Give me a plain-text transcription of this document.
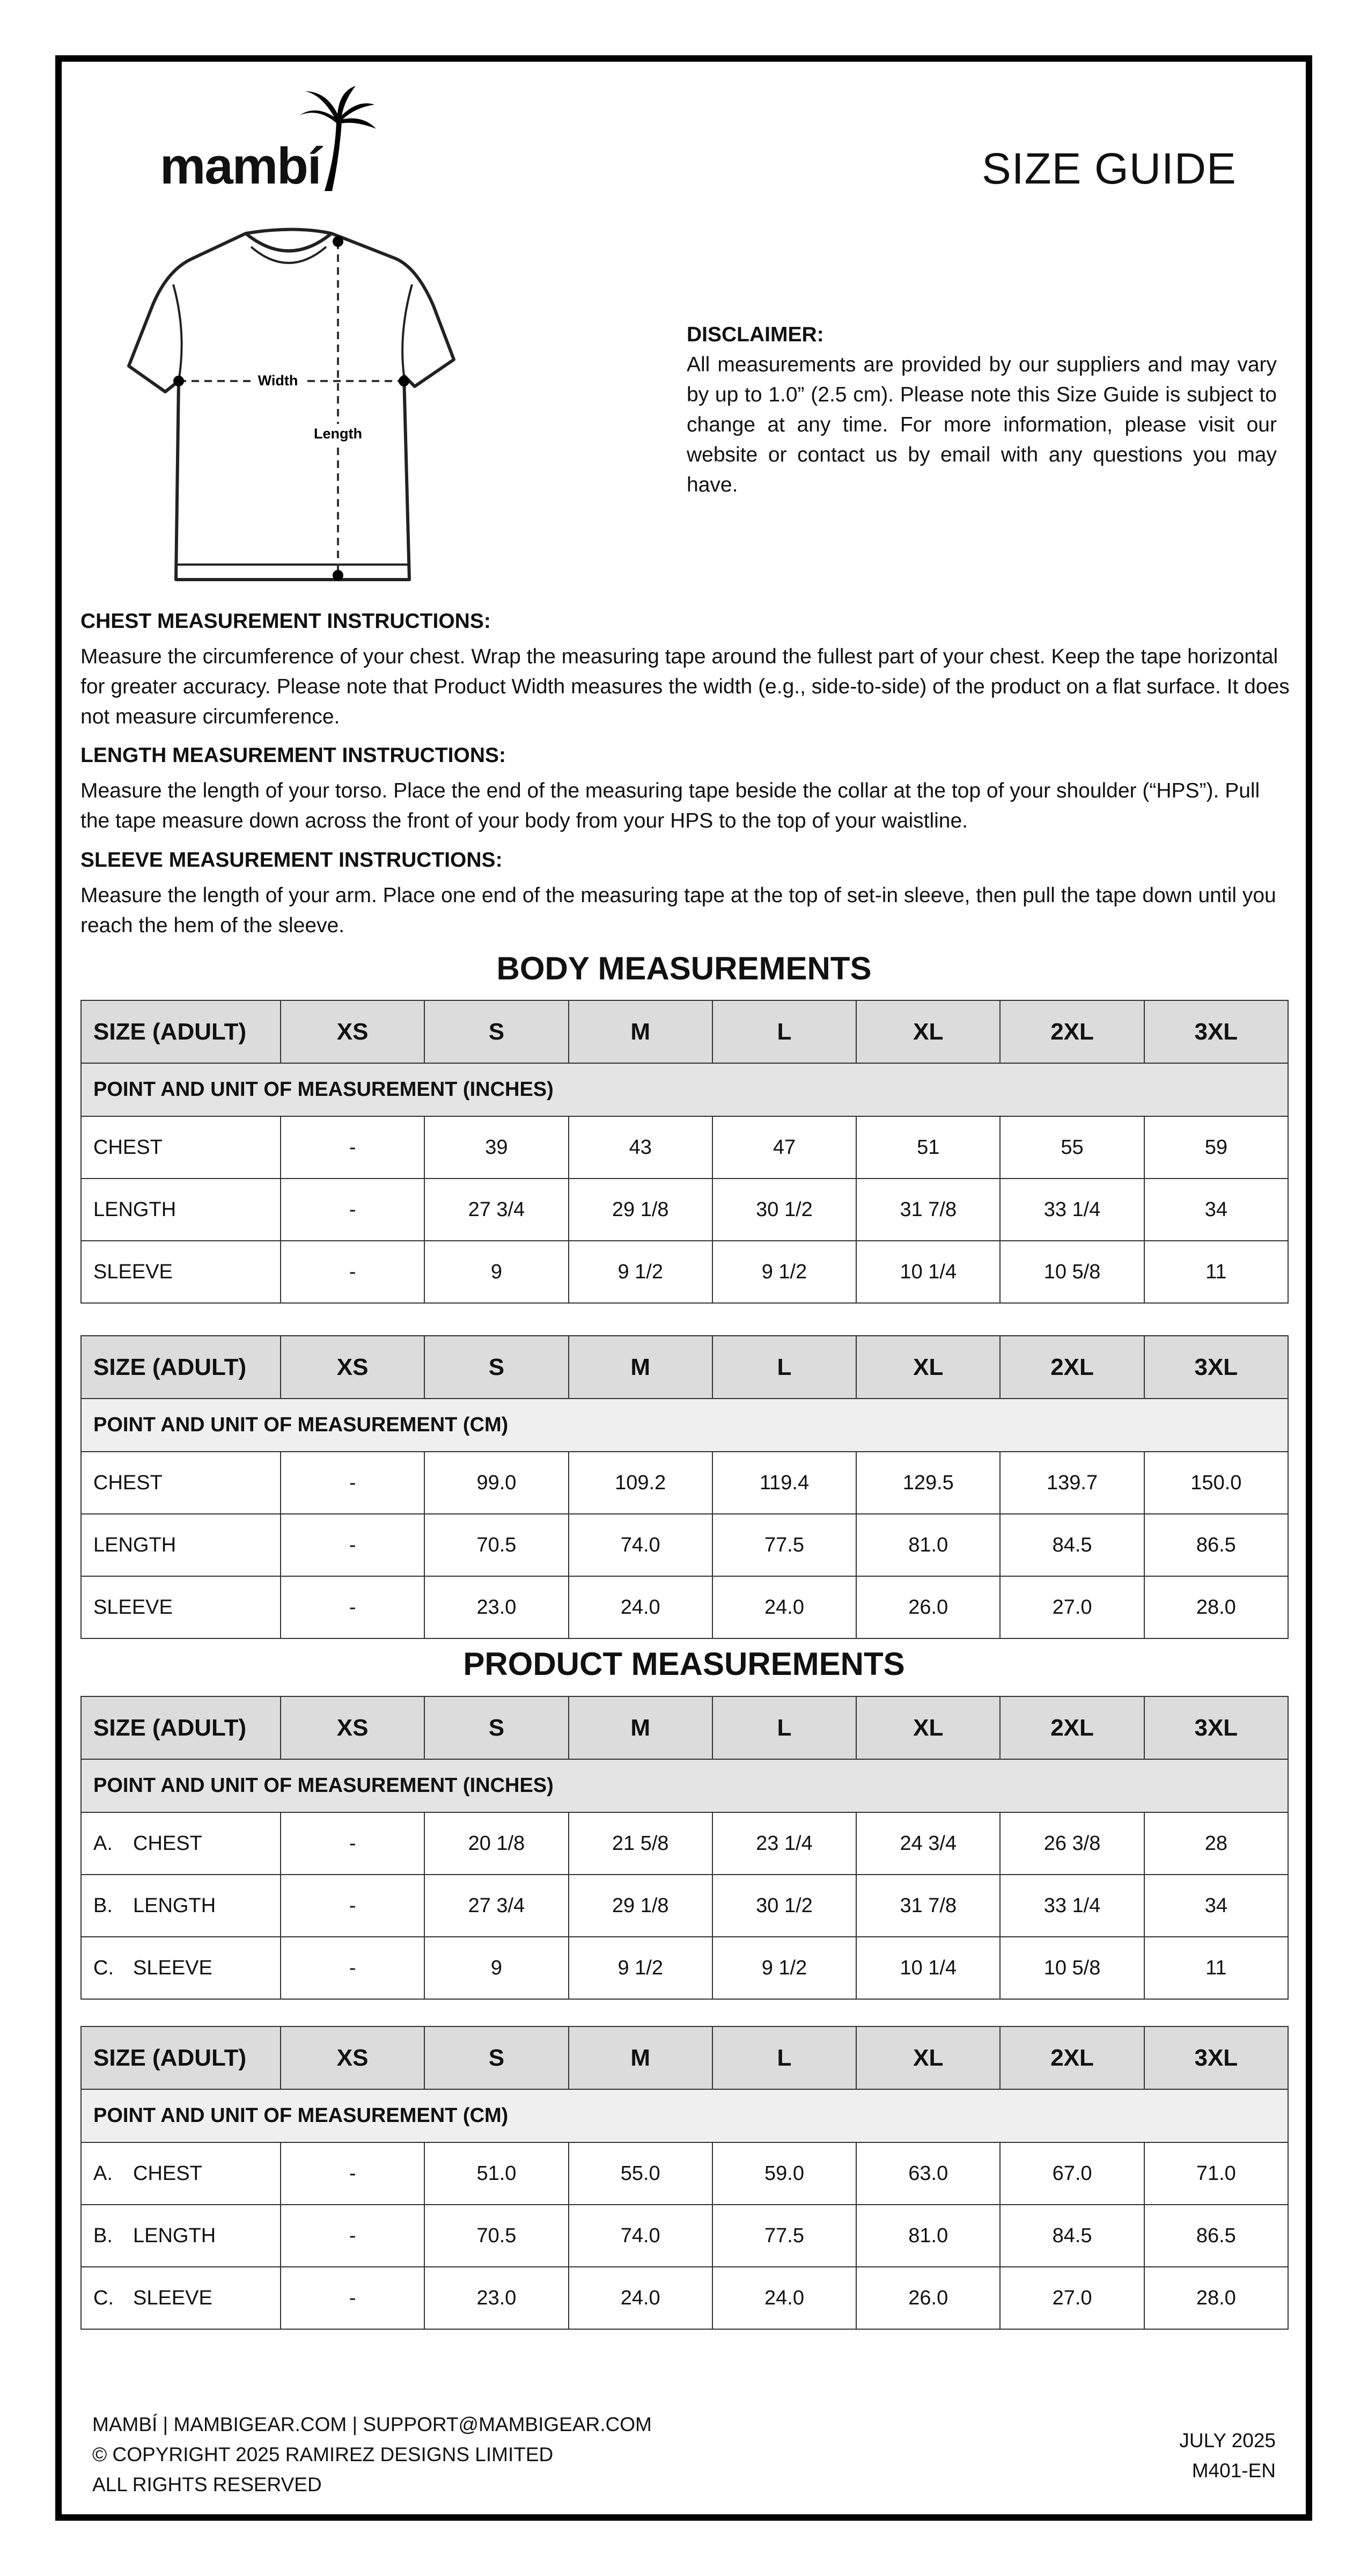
mambí	SIZE GUIDE
Width
Length
DISCLAIMER:
All measurements are provided by our suppliers and may vary by up to 1.0” (2.5 cm). Please note this Size Guide is subject to change at any time. For more information, please visit our website or contact us by email with any questions you may have.
CHEST MEASUREMENT INSTRUCTIONS:
Measure the circumference of your chest. Wrap the measuring tape around the fullest part of your chest. Keep the tape horizontal for greater accuracy. Please note that Product Width measures the width (e.g., side-to-side) of the product on a flat surface. It does not measure circumference.
LENGTH MEASUREMENT INSTRUCTIONS:
Measure the length of your torso. Place the end of the measuring tape beside the collar at the top of your shoulder (“HPS”). Pull the tape measure down across the front of your body from your HPS to the top of your waistline.
SLEEVE MEASUREMENT INSTRUCTIONS:
Measure the length of your arm. Place one end of the measuring tape at the top of set-in sleeve, then pull the tape down until you reach the hem of the sleeve.
BODY MEASUREMENTS
SIZE (ADULT)	XS	S	M	L	XL	2XL	3XL
POINT AND UNIT OF MEASUREMENT (INCHES)							
CHEST	-	39	43	47	51	55	59
LENGTH	-	27 3/4	29 1/8	30 1/2	31 7/8	33 1/4	34
SLEEVE	-	9	9 1/2	9 1/2	10 1/4	10 5/8	11
SIZE (ADULT)	XS	S	M	L	XL	2XL	3XL
POINT AND UNIT OF MEASUREMENT (CM)							
CHEST	-	99.0	109.2	119.4	129.5	139.7	150.0
LENGTH	-	70.5	74.0	77.5	81.0	84.5	86.5
SLEEVE	-	23.0	24.0	24.0	26.0	27.0	28.0
PRODUCT MEASUREMENTS
SIZE (ADULT)	XS	S	M	L	XL	2XL	3XL
POINT AND UNIT OF MEASUREMENT (INCHES)							
A. CHEST	-	20 1/8	21 5/8	23 1/4	24 3/4	26 3/8	28
B. LENGTH	-	27 3/4	29 1/8	30 1/2	31 7/8	33 1/4	34
C. SLEEVE	-	9	9 1/2	9 1/2	10 1/4	10 5/8	11
SIZE (ADULT)	XS	S	M	L	XL	2XL	3XL
POINT AND UNIT OF MEASUREMENT (CM)							
A. CHEST	-	51.0	55.0	59.0	63.0	67.0	71.0
B. LENGTH	-	70.5	74.0	77.5	81.0	84.5	86.5
C. SLEEVE	-	23.0	24.0	24.0	26.0	27.0	28.0
MAMBÍ | MAMBIGEAR.COM | SUPPORT@MAMBIGEAR.COM
© COPYRIGHT 2025 RAMIREZ DESIGNS LIMITED
ALL RIGHTS RESERVED
JULY 2025
M401-EN
